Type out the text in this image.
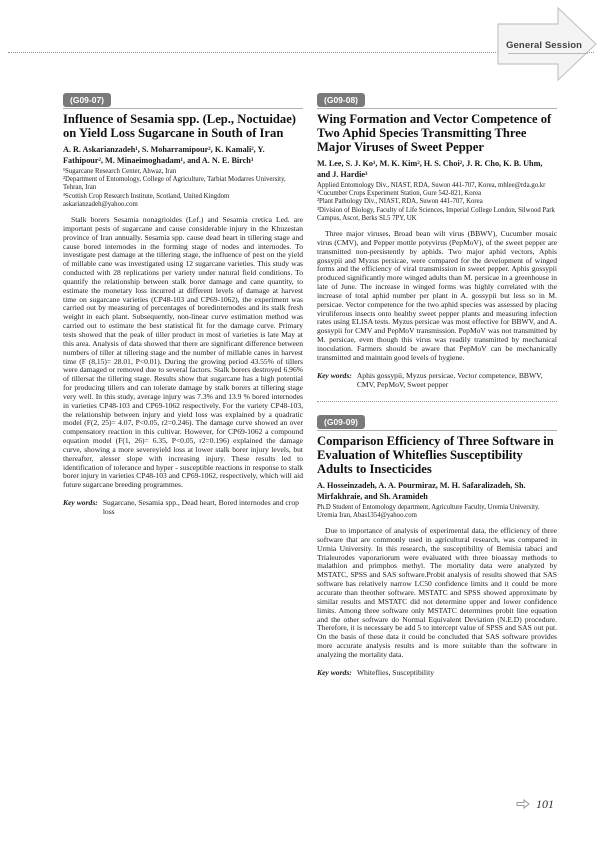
General Session
(G09-07)
Influence of Sesamia spp. (Lep., Noctuidae) on Yield Loss Sugarcane in South of Iran
A. R. Askarianzadeh¹, S. Moharramipour², K. Kamali², Y. Fathipour², M. Minaeimoghadam¹, and A. N. E. Birch³
¹Sugarcane Research Center, Ahwaz, Iran
²Department of Entomology, College of Agriculture, Tarbiat Modarres University, Tehran, Iran
³Scottish Crop Research Institute, Scotland, United Kingdom
askarianzadeh@yahoo.com
Stalk borers Sesamia nonagrioides (Lef.) and Sesamia cretica Led. are important pests of sugarcane and cause considerable injury in the Khuzestan province of Iran annually. Sesamia spp. cause dead heart in tillering stage and cause bored internodes in the forming stage of nodes and internodes. To investigate pest damage at the tillering stage, the influence of pest on the yield of millable cane was investigated using 12 sugarcane varieties. This study was conducted with 28 replications per variety under natural field conditions. To quantify the relationship between stalk borer damage and cane quantity, to estimate the monetary loss incurred at different levels of damage at harvest time on sugarcane varieties (CP48-103 and CP69-1062), the experiment was carried out by measuring of percentages of boredinternodes and its stalk fresh weight in each plant. Subsequently, non-linear curve estimation method was carried out to estimate the best statistical fit for the damage curve. Primary tests showed that the peak of tiller product in most of varieties is late May at this area. Analysis of data showed that there are significant difference between numbers of tiller at tillering stage and the number of millable canes in harvest time (F (8,15)= 28.01, P<0.01). During the growing period 43.55% of tillers were damaged or removed due to several factors. Stalk borers destroyed 6.96% of tillersat the tillering stage. Results show that sugarcane has a high potential for producing tillers and can tolerate damage by stalk borers at tillering stage very well. In this study, average injury was 7.3% and 13.9 % bored internodes in varieties CP48-103 and CP69-1062 respectively. For the variety CP48-103, the relationship between injury and yield loss was explained by a quadratic model (F(2, 25)= 4.07, P<0.05, r2=0.246). The damage curve showed an over compensatory reaction in this cultivar. However, for CP69-1062 a compound equation model (F(1, 26)= 6.35, P<0.05, r2=0.196) explained the damage curve, showing a more severeyield loss at lower stalk borer injury levels, but thereafter, alesser slope with increasing injury. These results led to identification of tolerance and hyper - susceptible reactions in response to stalk borer injury in varieties CP48-103 and CP69-1062, respectively, which will aid future sugarcane breeding programmes.
Key words: Sugarcane, Sesamia spp., Dead heart, Bored internodes and crop loss
(G09-08)
Wing Formation and Vector Competence of Two Aphid Species Transmitting Three Major Viruses of Sweet Pepper
M. Lee, S. J. Ko¹, M. K. Kim², H. S. Choi², J. R. Cho, K. B. Uhm, and J. Hardie³
Applied Entomology Div., NIAST, RDA, Suwon 441-707, Korea, mhlee@rda.go.kr
¹Cucumber Crops Experiment Station, Gure 542-821, Korea
²Plant Pathology Div., NIAST, RDA, Suwon 441-707, Korea
³Division of Biology, Faculty of Life Sciences, Imperial College London, Silwood Park Campus, Ascot, Berks SL5 7PY, UK
Three major viruses, Broad bean wilt virus (BBWV), Cucumber mosaic virus (CMV), and Pepper mottle potyvirus (PepMoV), of the sweet pepper are transmitted non-persistently by aphids. Two major aphid vectors, Aphis gossypii and Myzus persicae, were compared for the development of winged forms and the efficiency of viral transmission in sweet pepper. Aphis gossypii produced significantly more winged adults than M. persicae in a greenhouse in late of June. The increase in winged forms was highly correlated with the increase of total aphid number per plant in A. gossypii but less so in M. persicae. Vector competence for the two aphid species was assessed by placing viruliferous insects onto healthy sweet pepper plants and measuring infection rates using ELISA tests. Myzus persicae was most effective for BBWV, and A. gossypii for CMV and PepMoV transmission. PepMoV was not transmitted by M. persicae, even though this virus was readily transmitted by mechanical inoculation. Farmers should be aware that PepMoV can be mechanically transmitted and maintain good levels of hygiene.
Key words: Aphis gossypii, Myzus persicae, Vector competence, BBWV, CMV, PepMoV, Sweet pepper
(G09-09)
Comparison Efficiency of Three Software in Evaluation of Whiteflies Susceptibility Adults to Insecticides
A. Hosseinzadeh, A. A. Pourmiraz, M. H. Safaralizadeh, Sh. Mirfakhraie, and Sh. Aramideh
Ph.D Student of Entomology department, Agriculture Faculty, Uremia University. Uremia Iran, Abas1354@yahoo.com
Due to importance of analysis of experimental data, the efficiency of three software that are commonly used in agricultural research, was compared in Urmia University. In this research, the susceptibility of Bemisia tabaci and Trialeurodes vaporariorum were evaluated with three bioassay methods to malathion and primphos methyl. The mortality data were analyzed by MSTATC, SPSS and SAS software.Probit analysis of results showed that SAS software has relatively narrow LC50 confidence limits and it could be more accurate than theother software. MSTATC and SPSS showed approximate by similar results and MSTATC did not determine upper and lower confidence limits. Among three software only MSTATC determines probit line equation and the other software do Normal Equivalent Deviation (N.E.D) procedure. Therefore, it is necessary be add 5 to intercept value of SPSS and SAS out put. On the basis of these data it could be concluded that SAS software provides more accurate analysis results and is more suitable than the software in analyzing the mortality data.
Key words: Whiteflies, Susceptibility
101
